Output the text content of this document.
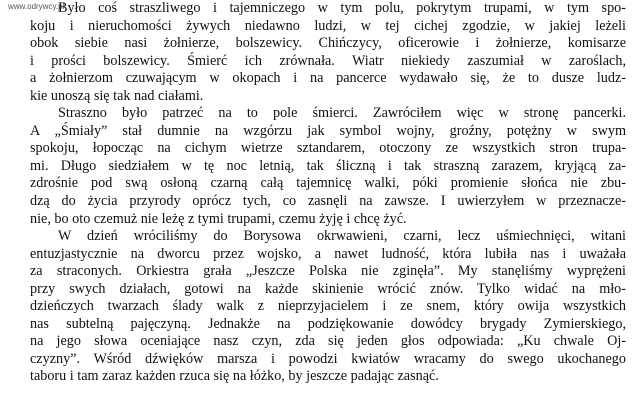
www.odrywcy.pl
Było coś straszliwego i tajemniczego w tym polu, pokrytym trupami, w tym spo-
koju i nieruchomości żywych niedawno ludzi, w tej cichej zgodzie, w jakiej leżeli
obok siebie nasi żołnierze, bolszewicy. Chińczycy, oficerowie i żołnierze, komisarze
i prości bolszewicy. Śmierć ich zrównała. Wiatr niekiedy zaszumiał w zaroślach,
a żołnierzom czuwającym w okopach i na pancerce wydawało się, że to dusze ludz-
kie unoszą się tak nad ciałami.
Straszno było patrzeć na to pole śmierci. Zawróciłem więc w stronę pancerki.
A „Śmiały” stał dumnie na wzgórzu jak symbol wojny, groźny, potężny w swym
spokoju, łopocząc na cichym wietrze sztandarem, otoczony ze wszystkich stron trupa-
mi. Długo siedziałem w tę noc letnią, tak śliczną i tak straszną zarazem, kryjącą za-
zdrośnie pod swą osłoną czarną całą tajemnicę walki, póki promienie słońca nie zbu-
dzą do życia przyrody oprócz tych, co zasnęli na zawsze. I uwierzyłem w przeznacze-
nie, bo oto czemuż nie leżę z tymi trupami, czemu żyję i chcę żyć.
W dzień wróciliśmy do Borysowa okrwawieni, czarni, lecz uśmiechnięci, witani
entuzjastycznie na dworcu przez wojsko, a nawet ludność, która lubiła nas i uważała
za straconych. Orkiestra grała „Jeszcze Polska nie zginęła”. My stanęliśmy wyprężeni
przy swych działach, gotowi na każde skinienie wrócić znów. Tylko widać na mło-
dzieńczych twarzach ślady walk z nieprzyjacielem i ze snem, który owija wszystkich
nas subtelną pajęczyną. Jednakże na podziękowanie dowódcy brygady Zymierskiego,
na jego słowa oceniające nasz czyn, zda się jeden głos odpowiada: „Ku chwale Oj-
czyzny”. Wśród dźwięków marsza i powodzi kwiatów wracamy do swego ukochanego
taboru i tam zaraz każden rzuca się na łóżko, by jeszcze padając zasnąć.
